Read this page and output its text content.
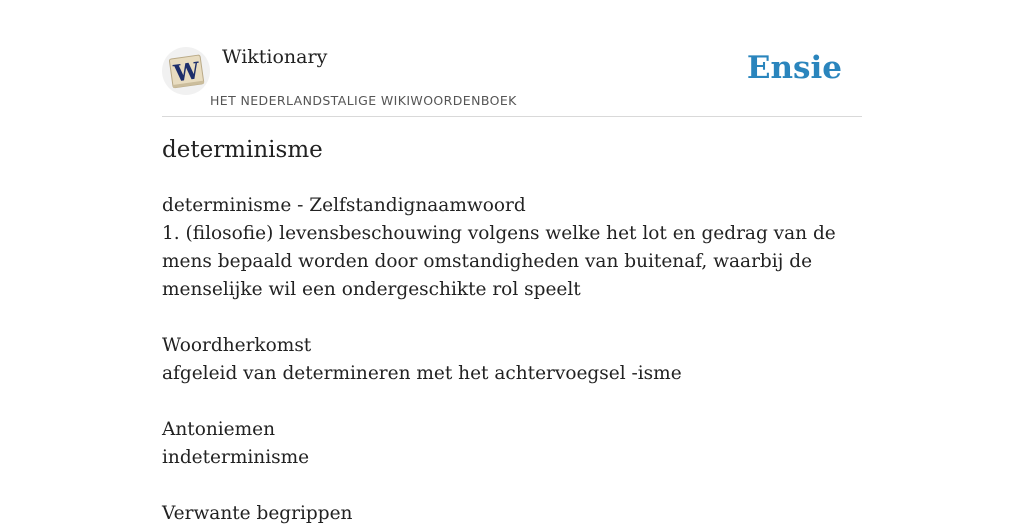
W
Wiktionary
HET NEDERLANDSTALIGE WIKIWOORDENBOEK
Ensie
determinisme
determinisme - Zelfstandignaamwoord
1. (filosofie) levensbeschouwing volgens welke het lot en gedrag van de mens bepaald worden door omstandigheden van buitenaf, waarbij de menselijke wil een ondergeschikte rol speelt
Woordherkomst
afgeleid van determineren met het achtervoegsel -isme
Antoniemen
indeterminisme
Verwante begrippen
